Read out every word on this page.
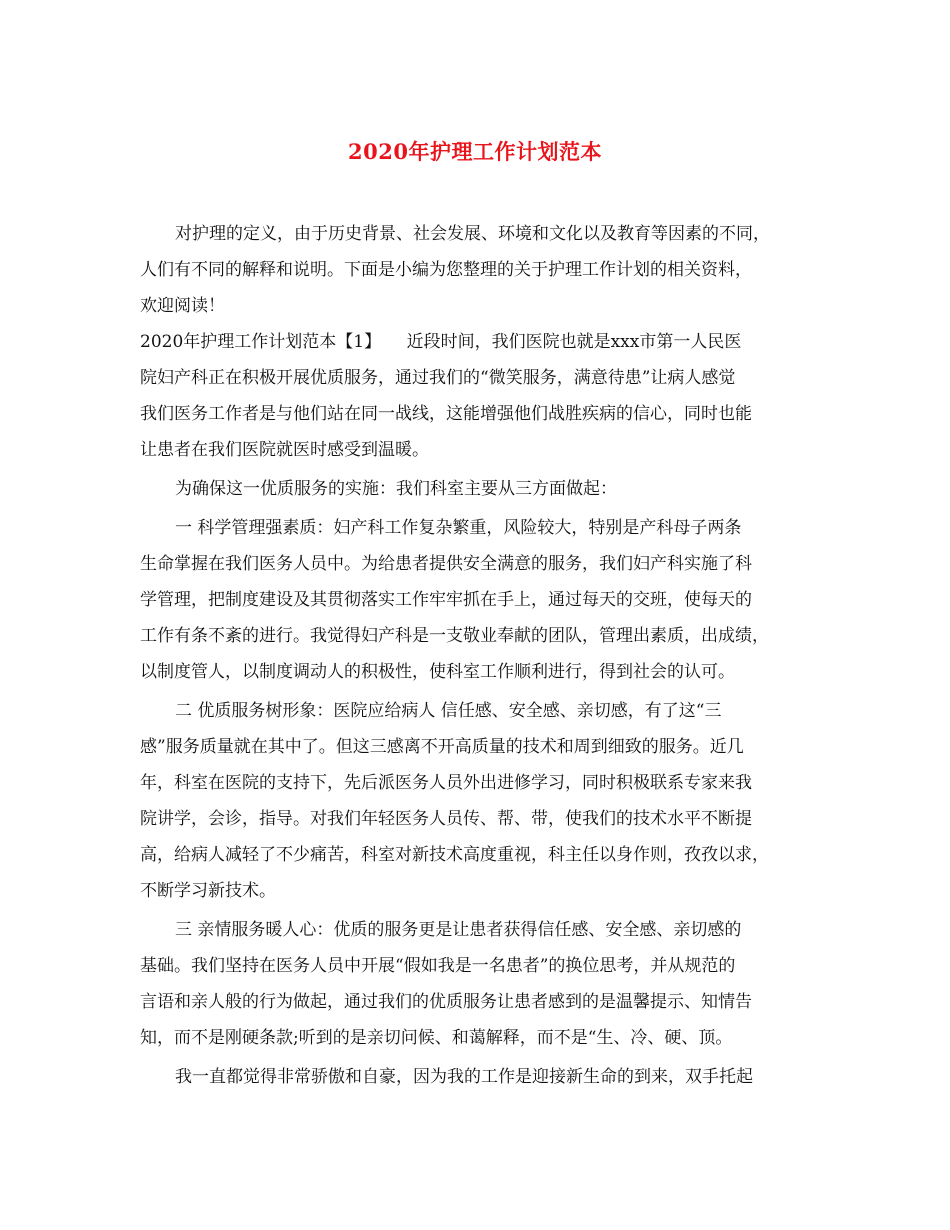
2020年护理工作计划范本
对护理的定义，由于历史背景、社会发展、环境和文化以及教育等因素的不同，
人们有不同的解释和说明。下面是小编为您整理的关于护理工作计划的相关资料，
欢迎阅读！
2020年护理工作计划范本【1】　　近段时间，我们医院也就是xxx市第一人民医
院妇产科正在积极开展优质服务，通过我们的“微笑服务，满意待患”让病人感觉
我们医务工作者是与他们站在同一战线，这能增强他们战胜疾病的信心，同时也能
让患者在我们医院就医时感受到温暖。
为确保这一优质服务的实施：我们科室主要从三方面做起：
一 科学管理强素质：妇产科工作复杂繁重，风险较大，特别是产科母子两条
生命掌握在我们医务人员中。为给患者提供安全满意的服务，我们妇产科实施了科
学管理，把制度建设及其贯彻落实工作牢牢抓在手上，通过每天的交班，使每天的
工作有条不紊的进行。我觉得妇产科是一支敬业奉献的团队，管理出素质，出成绩，
以制度管人，以制度调动人的积极性，使科室工作顺利进行，得到社会的认可。
二 优质服务树形象：医院应给病人 信任感、安全感、亲切感，有了这“三
感”服务质量就在其中了。但这三感离不开高质量的技术和周到细致的服务。近几
年，科室在医院的支持下，先后派医务人员外出进修学习，同时积极联系专家来我
院讲学，会诊，指导。对我们年轻医务人员传、帮、带，使我们的技术水平不断提
高，给病人减轻了不少痛苦，科室对新技术高度重视，科主任以身作则，孜孜以求，
不断学习新技术。
三 亲情服务暖人心：优质的服务更是让患者获得信任感、安全感、亲切感的
基础。我们坚持在医务人员中开展“假如我是一名患者”的换位思考，并从规范的
言语和亲人般的行为做起，通过我们的优质服务让患者感到的是温馨提示、知情告
知，而不是刚硬条款;听到的是亲切问候、和蔼解释，而不是“生、冷、硬、顶。
我一直都觉得非常骄傲和自豪，因为我的工作是迎接新生命的到来，双手托起
